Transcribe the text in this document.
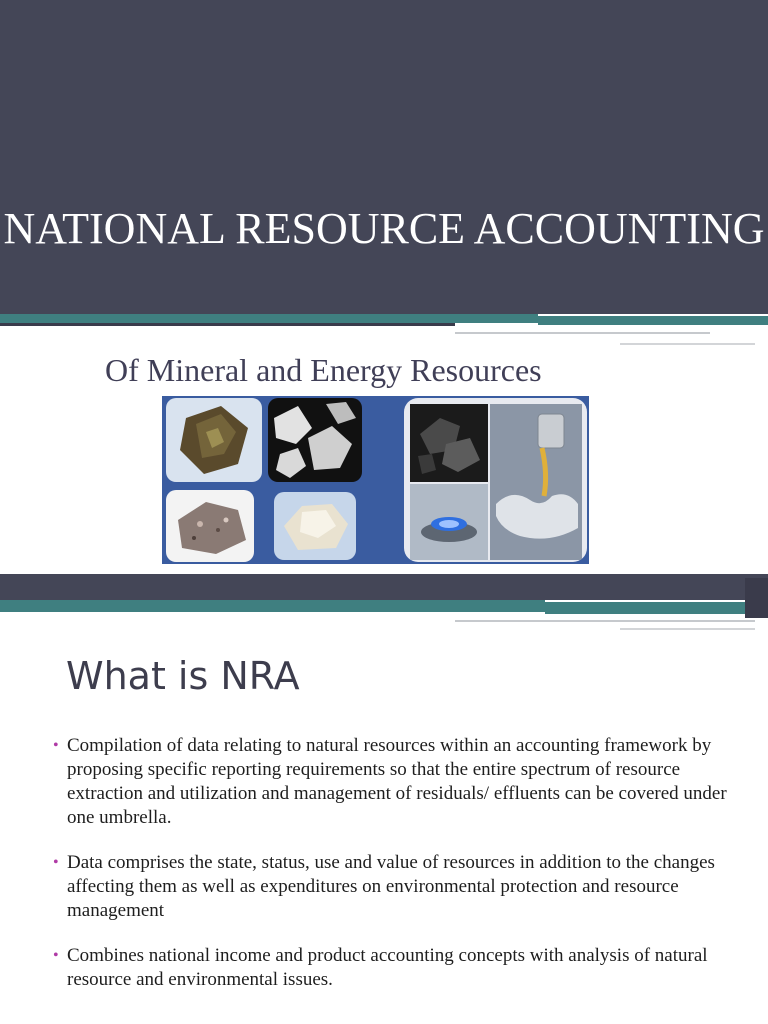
NATIONAL RESOURCE ACCOUNTING
Of Mineral and Energy Resources
What is NRA
• Compilation of data relating to natural resources within an accounting framework by proposing specific reporting requirements so that the entire spectrum of resource extraction and utilization and management of residuals/ effluents can be covered under one umbrella.
• Data comprises the state, status, use and value of resources in addition to the changes affecting them as well as expenditures on environmental protection and resource management
• Combines national income and product accounting concepts with analysis of natural resource and environmental issues.
